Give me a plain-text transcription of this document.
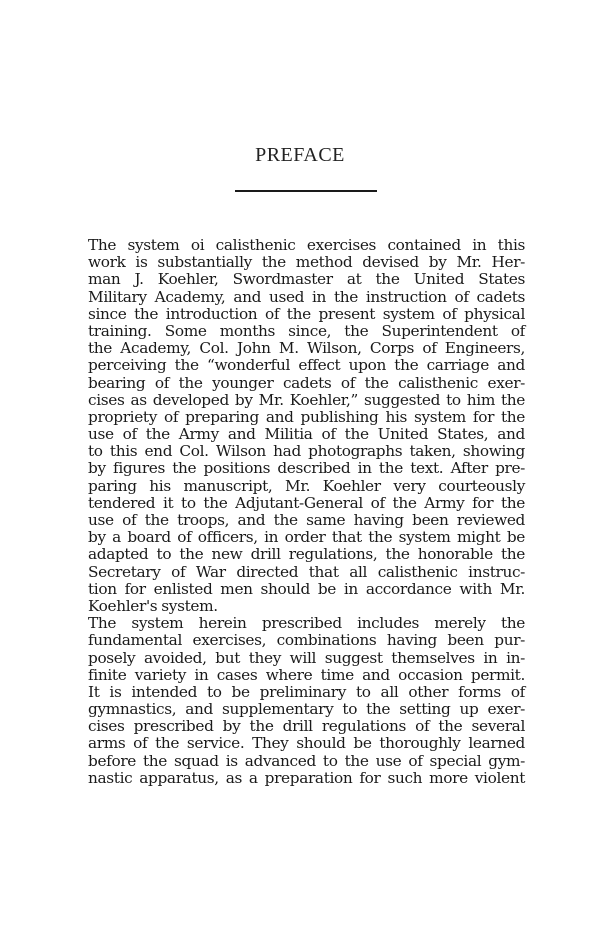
PREFACE
The system oi calisthenic exercises contained in this
work is substantially the method devised by Mr. Her-
man J. Koehler, Swordmaster at the United States
Military Academy, and used in the instruction of cadets
since the introduction of the present system of physical
training. Some months since, the Superintendent of
the Academy, Col. John M. Wilson, Corps of Engineers,
perceiving the “wonderful effect upon the carriage and
bearing of the younger cadets of the calisthenic exer-
cises as developed by Mr. Koehler,” suggested to him the
propriety of preparing and publishing his system for the
use of the Army and Militia of the United States, and
to this end Col. Wilson had photographs taken, showing
by figures the positions described in the text. After pre-
paring his manuscript, Mr. Koehler very courteously
tendered it to the Adjutant-General of the Army for the
use of the troops, and the same having been reviewed
by a board of officers, in order that the system might be
adapted to the new drill regulations, the honorable the
Secretary of War directed that all calisthenic instruc-
tion for enlisted men should be in accordance with Mr.
Koehler's system.
The system herein prescribed includes merely the
fundamental exercises, combinations having been pur-
posely avoided, but they will suggest themselves in in-
finite variety in cases where time and occasion permit.
It is intended to be preliminary to all other forms of
gymnastics, and supplementary to the setting up exer-
cises prescribed by the drill regulations of the several
arms of the service. They should be thoroughly learned
before the squad is advanced to the use of special gym-
nastic apparatus, as a preparation for such more violent
